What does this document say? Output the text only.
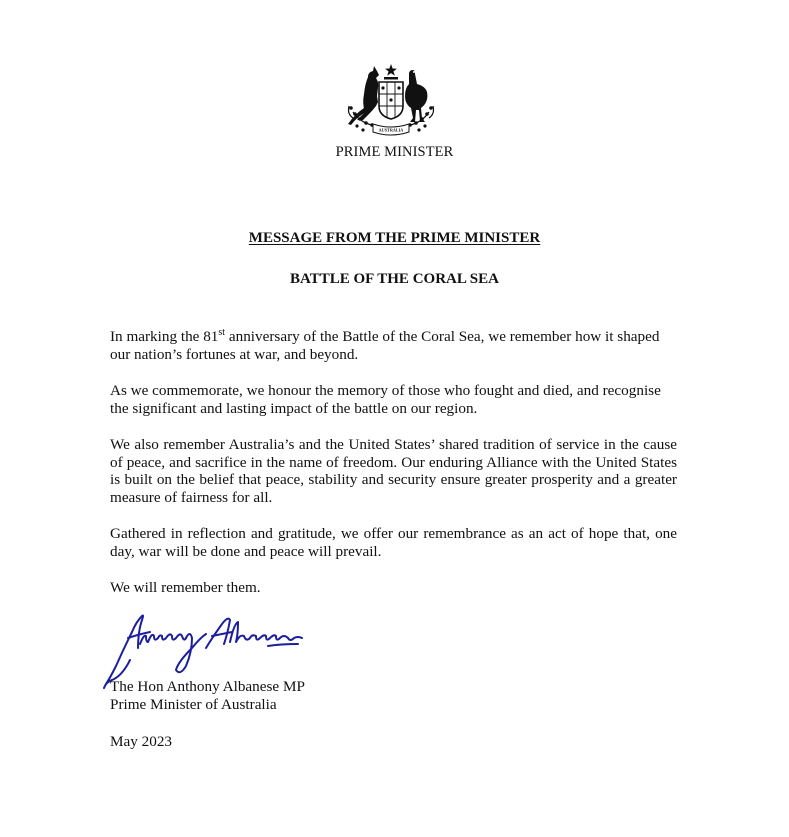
AUSTRALIA
PRIME MINISTER
MESSAGE FROM THE PRIME MINISTER
BATTLE OF THE CORAL SEA

In marking the 81st anniversary of the Battle of the Coral Sea, we remember how it shaped our nation’s fortunes at war, and beyond.

As we commemorate, we honour the memory of those who fought and died, and recognise the significant and lasting impact of the battle on our region.

We also remember Australia’s and the United States’ shared tradition of service in the cause of peace, and sacrifice in the name of freedom. Our enduring Alliance with the United States is built on the belief that peace, stability and security ensure greater prosperity and a greater measure of fairness for all.

Gathered in reflection and gratitude, we offer our remembrance as an act of hope that, one day, war will be done and peace will prevail.

We will remember them.

The Hon Anthony Albanese MP
Prime Minister of Australia
May 2023
